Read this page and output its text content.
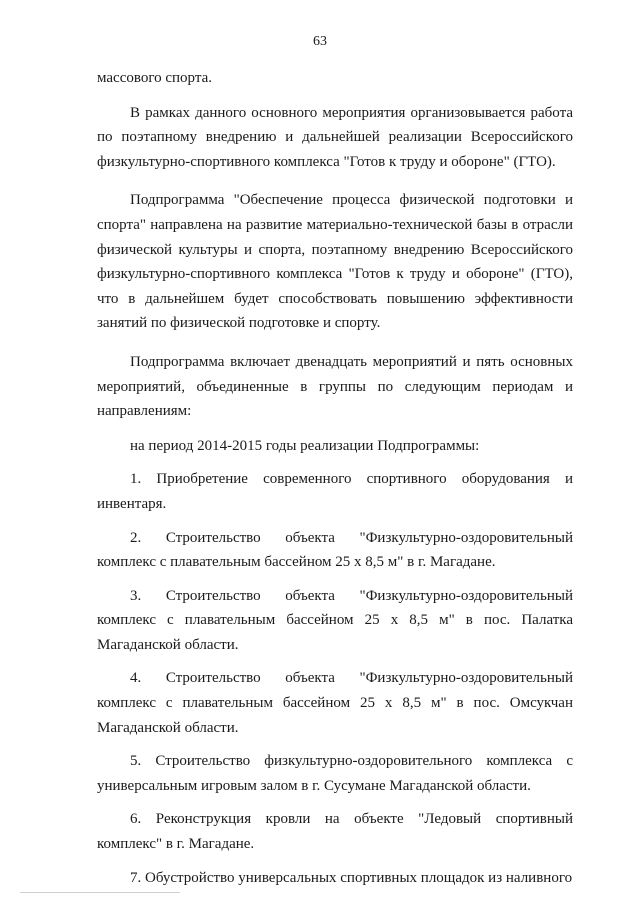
63

массового спорта.

В рамках данного основного мероприятия организовывается работа по поэтапному внедрению и дальнейшей реализации Всероссийского физкультурно-спортивного комплекса "Готов к труду и обороне" (ГТО).

Подпрограмма "Обеспечение процесса физической подготовки и спорта" направлена на развитие материально-технической базы в отрасли физической культуры и спорта, поэтапному внедрению Всероссийского физкультурно-спортивного комплекса "Готов к труду и обороне" (ГТО), что в дальнейшем будет способствовать повышению эффективности занятий по физической подготовке и спорту.

Подпрограмма включает двенадцать мероприятий и пять основных мероприятий, объединенные в группы по следующим периодам и направлениям:

на период 2014-2015 годы реализации Подпрограммы:

1. Приобретение современного спортивного оборудования и инвентаря.

2. Строительство объекта "Физкультурно-оздоровительный комплекс с плавательным бассейном 25 х 8,5 м" в г. Магадане.

3. Строительство объекта "Физкультурно-оздоровительный комплекс с плавательным бассейном 25 х 8,5 м" в пос. Палатка Магаданской области.

4. Строительство объекта "Физкультурно-оздоровительный комплекс с плавательным бассейном 25 х 8,5 м" в пос. Омсукчан Магаданской области.

5. Строительство физкультурно-оздоровительного комплекса с универсальным игровым залом в г. Сусумане Магаданской области.

6. Реконструкция кровли на объекте "Ледовый спортивный комплекс" в г. Магадане.

7. Обустройство универсальных спортивных площадок из наливного
